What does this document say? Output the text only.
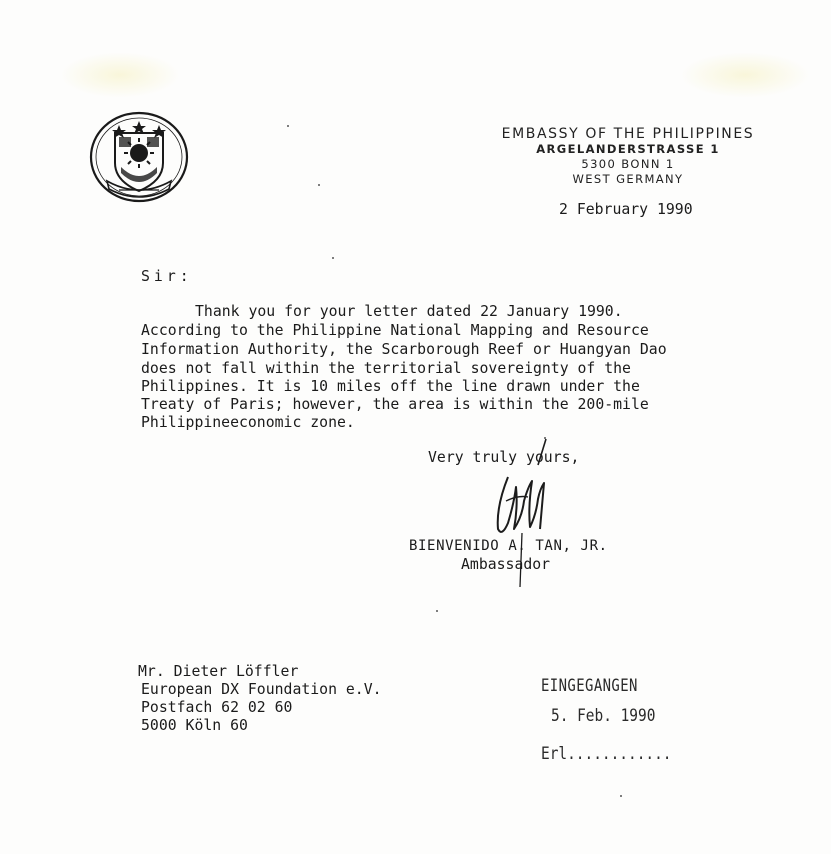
EMBASSY OF THE PHILIPPINES
ARGELANDERSTRASSE 1
5300 BONN 1
WEST GERMANY
2 February 1990
Sir:
Thank you for your letter dated 22 January 1990.
According to the Philippine National Mapping and Resource
Information Authority, the Scarborough Reef or Huangyan Dao
does not fall within the territorial sovereignty of the
Philippines. It is 10 miles off the line drawn under the
Treaty of Paris; however, the area is within the 200-mile
Philippineeconomic zone.
Very truly yours,
BIENVENIDO A. TAN, JR.
Ambassador
Mr. Dieter Löffler
European DX Foundation e.V.
Postfach 62 02 60
5000 Köln 60
EINGEGANGEN
5. Feb. 1990
Erl............
